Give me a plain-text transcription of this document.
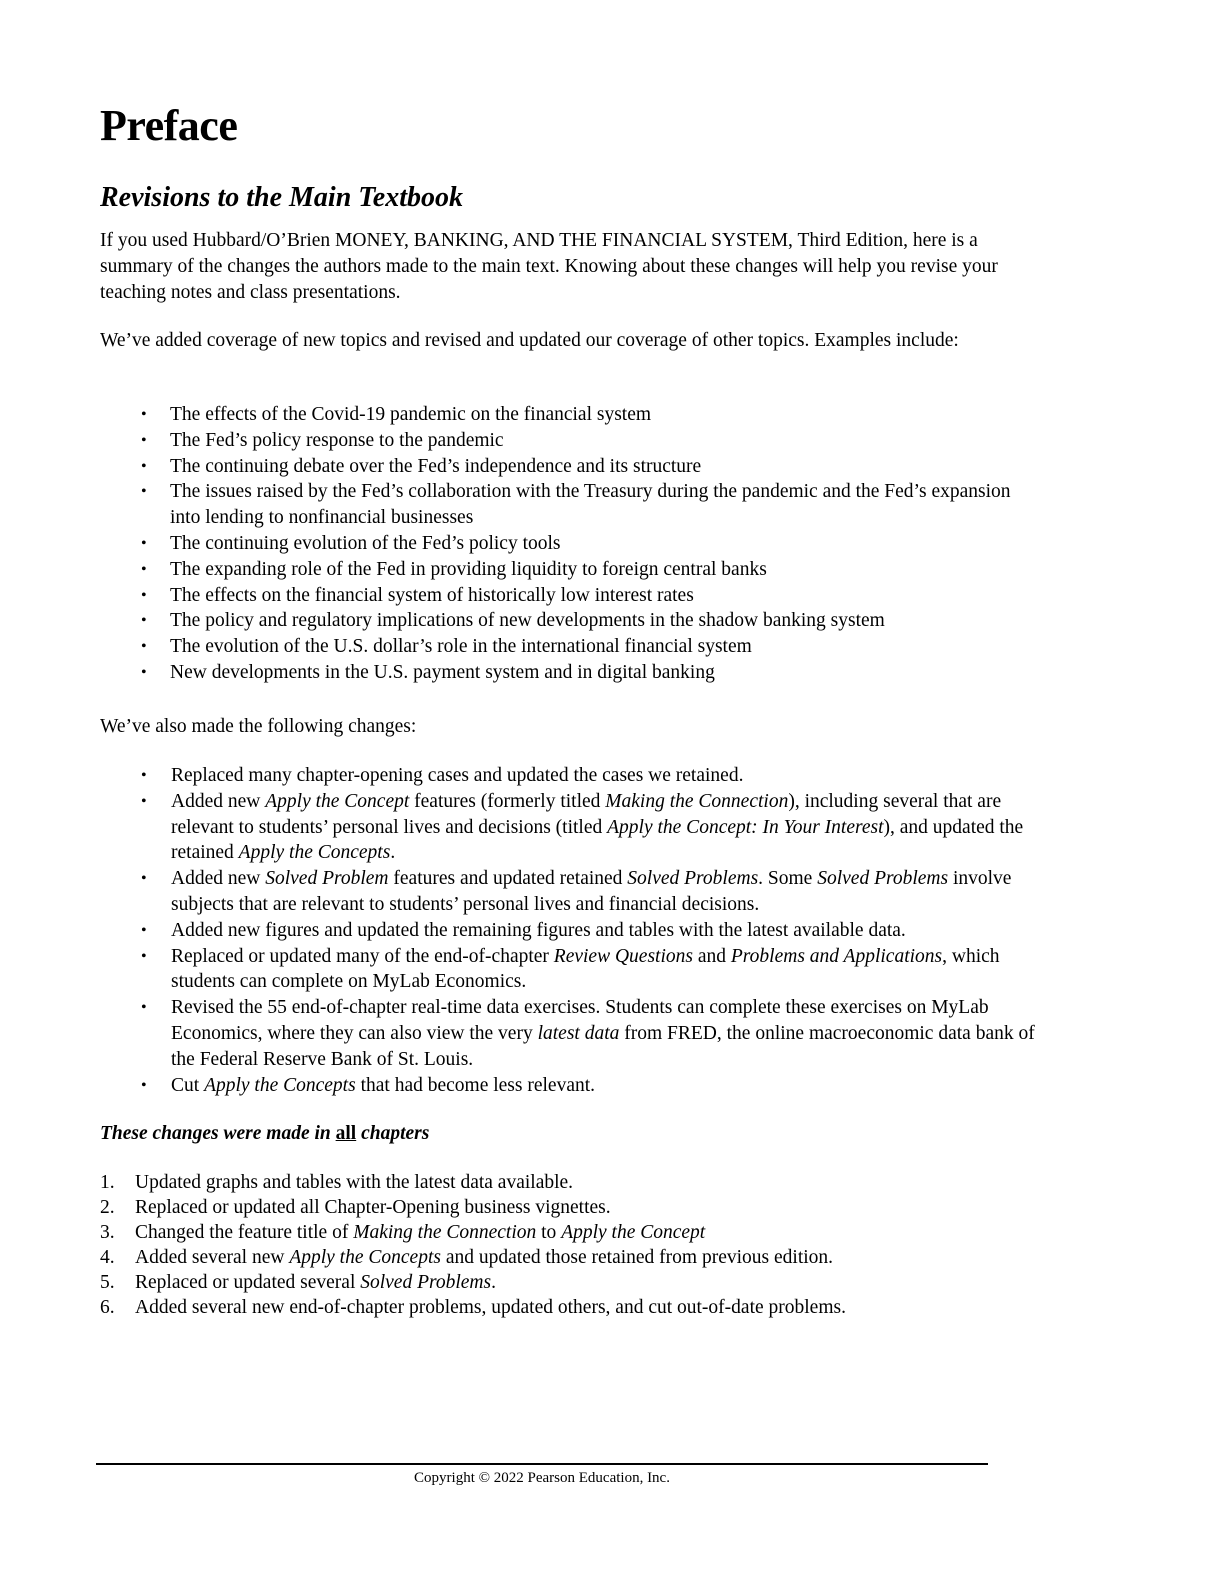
Preface
Revisions to the Main Textbook

If you used Hubbard/O’Brien MONEY, BANKING, AND THE FINANCIAL SYSTEM, Third Edition, here is a summary of the changes the authors made to the main text. Knowing about these changes will help you revise your teaching notes and class presentations.

We’ve added coverage of new topics and revised and updated our coverage of other topics. Examples include:

• The effects of the Covid-19 pandemic on the financial system
• The Fed’s policy response to the pandemic
• The continuing debate over the Fed’s independence and its structure
• The issues raised by the Fed’s collaboration with the Treasury during the pandemic and the Fed’s expansion into lending to nonfinancial businesses
• The continuing evolution of the Fed’s policy tools
• The expanding role of the Fed in providing liquidity to foreign central banks
• The effects on the financial system of historically low interest rates
• The policy and regulatory implications of new developments in the shadow banking system
• The evolution of the U.S. dollar’s role in the international financial system
• New developments in the U.S. payment system and in digital banking

We’ve also made the following changes:

• Replaced many chapter-opening cases and updated the cases we retained.
• Added new Apply the Concept features (formerly titled Making the Connection), including several that are relevant to students’ personal lives and decisions (titled Apply the Concept: In Your Interest), and updated the retained Apply the Concepts.
• Added new Solved Problem features and updated retained Solved Problems. Some Solved Problems involve subjects that are relevant to students’ personal lives and financial decisions.
• Added new figures and updated the remaining figures and tables with the latest available data.
• Replaced or updated many of the end-of-chapter Review Questions and Problems and Applications, which students can complete on MyLab Economics.
• Revised the 55 end-of-chapter real-time data exercises. Students can complete these exercises on MyLab Economics, where they can also view the very latest data from FRED, the online macroeconomic data bank of the Federal Reserve Bank of St. Louis.
• Cut Apply the Concepts that had become less relevant.
These changes were made in all chapters
1. Updated graphs and tables with the latest data available.
2. Replaced or updated all Chapter-Opening business vignettes.
3. Changed the feature title of Making the Connection to Apply the Concept
4. Added several new Apply the Concepts and updated those retained from previous edition.
5. Replaced or updated several Solved Problems.
6. Added several new end-of-chapter problems, updated others, and cut out-of-date problems.
Copyright © 2022 Pearson Education, Inc.
